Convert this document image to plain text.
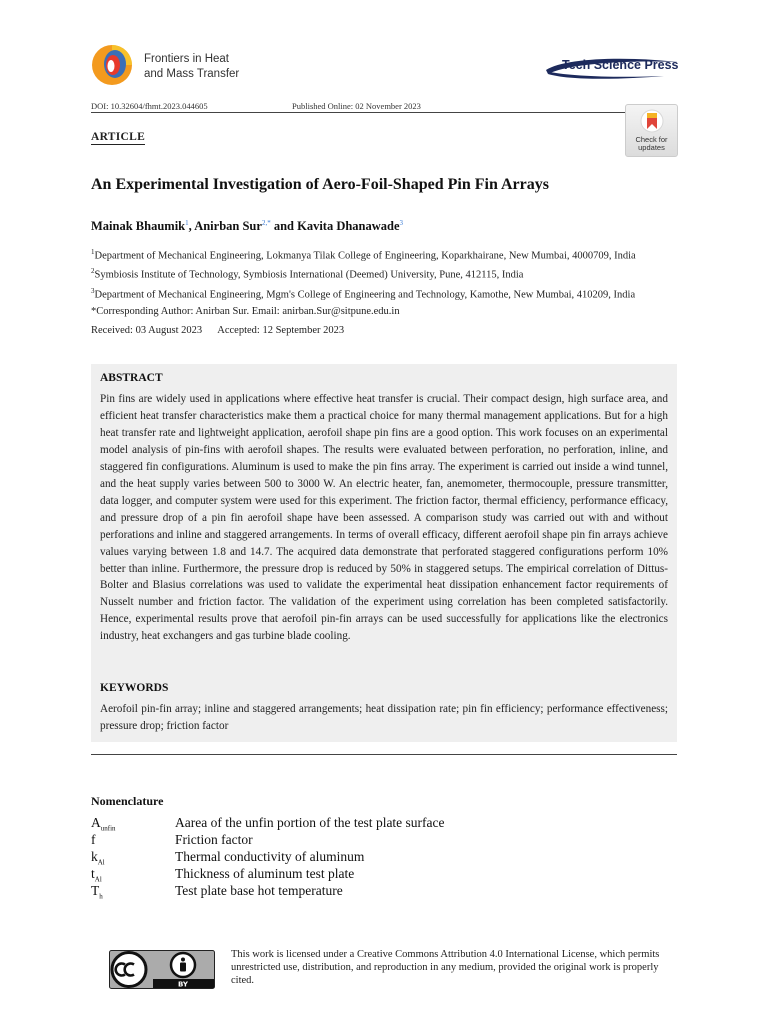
Frontiers in Heat
and Mass Transfer
Tech Science Press
DOI: 10.32604/fhmt.2023.044605	Published Online: 02 November 2023
ARTICLE	Check for
updates
An Experimental Investigation of Aero-Foil-Shaped Pin Fin Arrays
Mainak Bhaumik$^1$, Anirban Sur$^{2,*}$ and Kavita Dhanawade$^3$
$^1$Department of Mechanical Engineering, Lokmanya Tilak College of Engineering, Koparkhairane, New Mumbai, 4000709, India
$^2$Symbiosis Institute of Technology, Symbiosis International (Deemed) University, Pune, 412115, India
$^3$Department of Mechanical Engineering, Mgm's College of Engineering and Technology, Kamothe, New Mumbai, 410209, India
*Corresponding Author: Anirban Sur. Email: anirban.Sur@sitpune.edu.in
Received: 03 August 2023      Accepted: 12 September 2023
ABSTRACT
Pin fins are widely used in applications where effective heat transfer is crucial. Their compact design, high surface area, and efficient heat transfer characteristics make them a practical choice for many thermal management applications. But for a high heat transfer rate and lightweight application, aerofoil shape pin fins are a good option. This work focuses on an experimental model analysis of pin-fins with aerofoil shapes. The results were evaluated between perforation, no perforation, inline, and staggered fin configurations. Aluminum is used to make the pin fins array. The experiment is carried out inside a wind tunnel, and the heat supply varies between 500 to 3000 W. An electric heater, fan, anemometer, thermocouple, pressure transmitter, data logger, and computer system were used for this experiment. The friction factor, thermal efficiency, performance efficacy, and pressure drop of a pin fin aerofoil shape have been assessed. A comparison study was carried out with and without perforations and inline and staggered arrangements. In terms of overall efficacy, different aerofoil shape pin fin arrays achieve values varying between 1.8 and 14.7. The acquired data demonstrate that perforated staggered configurations perform 10% better than inline. Furthermore, the pressure drop is reduced by 50% in staggered setups. The empirical correlation of Dittus-Bolter and Blasius correlations was used to validate the experimental heat dissipation enhancement factor requirements of Nusselt number and friction factor. The validation of the experiment using correlation has been completed satisfactorily. Hence, experimental results prove that aerofoil pin-fin arrays can be used successfully for applications like the electronics industry, heat exchangers and gas turbine blade cooling.
KEYWORDS
Aerofoil pin-fin array; inline and staggered arrangements; heat dissipation rate; pin fin efficiency; performance effectiveness; pressure drop; friction factor
Nomenclature
$A_{unfin}$	Aarea of the unfin portion of the test plate surface
f	Friction factor
$k_{Al}$	Thermal conductivity of aluminum
$t_{Al}$	Thickness of aluminum test plate
$T_h$	Test plate base hot temperature
BY
This work is licensed under a Creative Commons Attribution 4.0 International License, which permits unrestricted use, distribution, and reproduction in any medium, provided the original work is properly cited.
